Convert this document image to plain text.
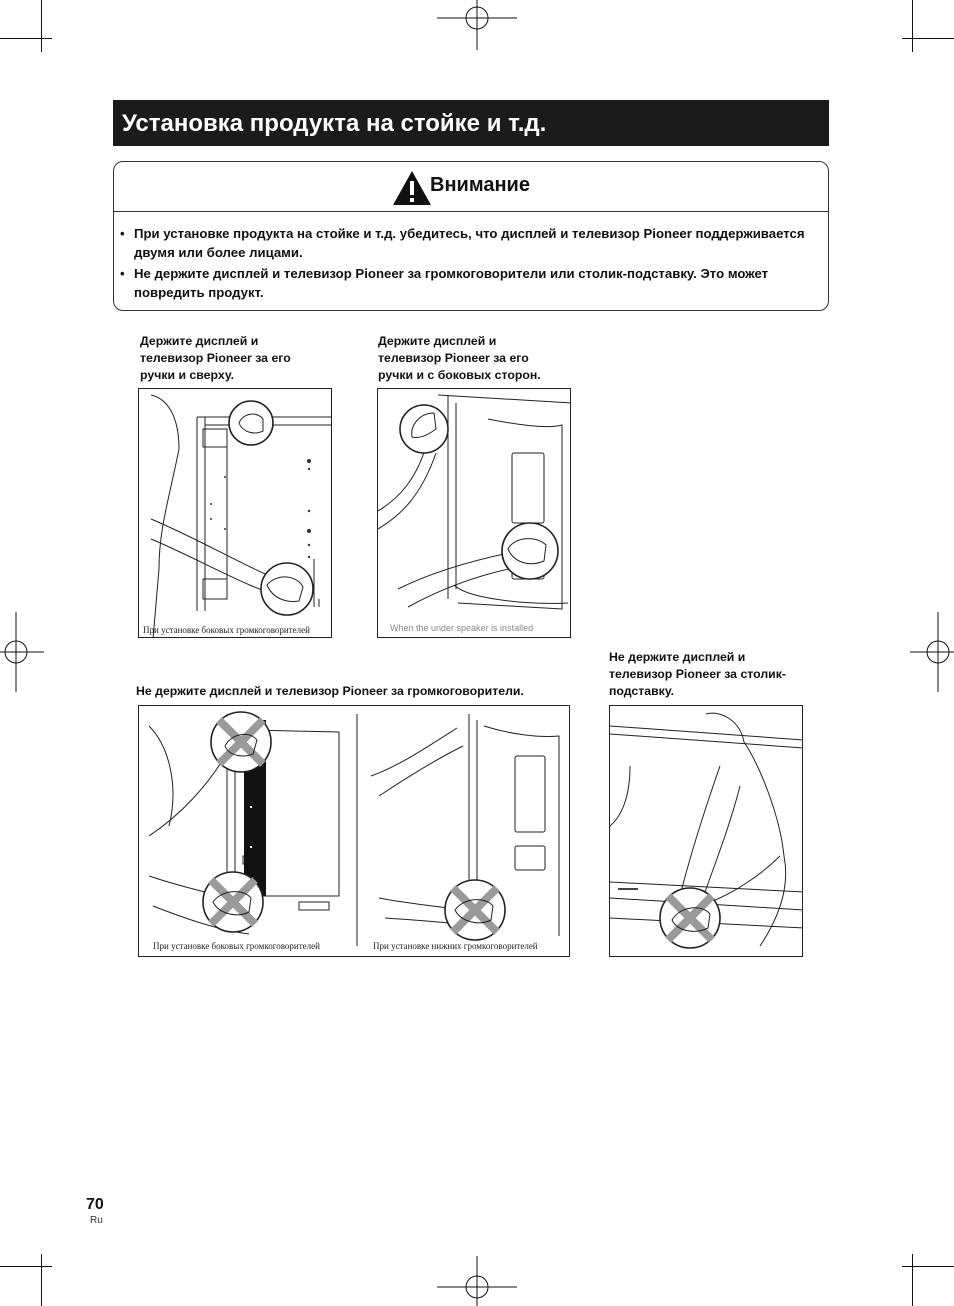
Установка продукта на стойке и т.д.
Внимание
• При установке продукта на стойке и т.д. убедитесь, что дисплей и телевизор Pioneer поддерживается двумя или более лицами.
• Не держите дисплей и телевизор Pioneer за громкоговорители или столик-подставку. Это может повредить продукт.
Держите дисплей и телевизор Pioneer за его ручки и сверху.
При установке боковых громкоговорителей
Держите дисплей и телевизор Pioneer за его ручки и с боковых сторон.
When the under speaker is installed
Не держите дисплей и телевизор Pioneer за громкоговорители.
При установке боковых громкоговорителей	При установке нижних громкоговорителей
Не держите дисплей и телевизор Pioneer за столик-подставку.
70
Ru
